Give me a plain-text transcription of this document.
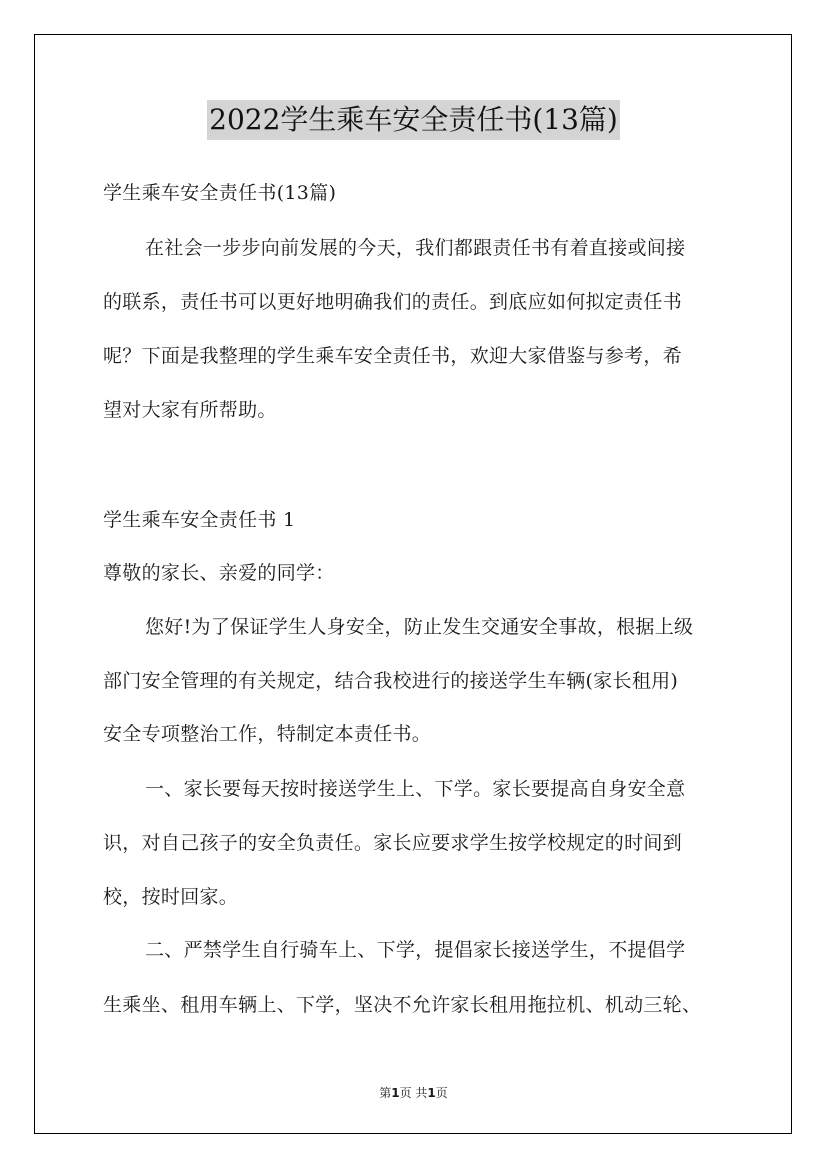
2022学生乘车安全责任书(13篇)
学生乘车安全责任书(13篇)
在社会一步步向前发展的今天，我们都跟责任书有着直接或间接
的联系，责任书可以更好地明确我们的责任。到底应如何拟定责任书
呢？下面是我整理的学生乘车安全责任书，欢迎大家借鉴与参考，希
望对大家有所帮助。
学生乘车安全责任书 1
尊敬的家长、亲爱的同学：
您好!为了保证学生人身安全，防止发生交通安全事故，根据上级
部门安全管理的有关规定，结合我校进行的接送学生车辆(家长租用)
安全专项整治工作，特制定本责任书。
一、家长要每天按时接送学生上、下学。家长要提高自身安全意
识，对自己孩子的安全负责任。家长应要求学生按学校规定的时间到
校，按时回家。
二、严禁学生自行骑车上、下学，提倡家长接送学生，不提倡学
生乘坐、租用车辆上、下学，坚决不允许家长租用拖拉机、机动三轮、
第1页 共1页
